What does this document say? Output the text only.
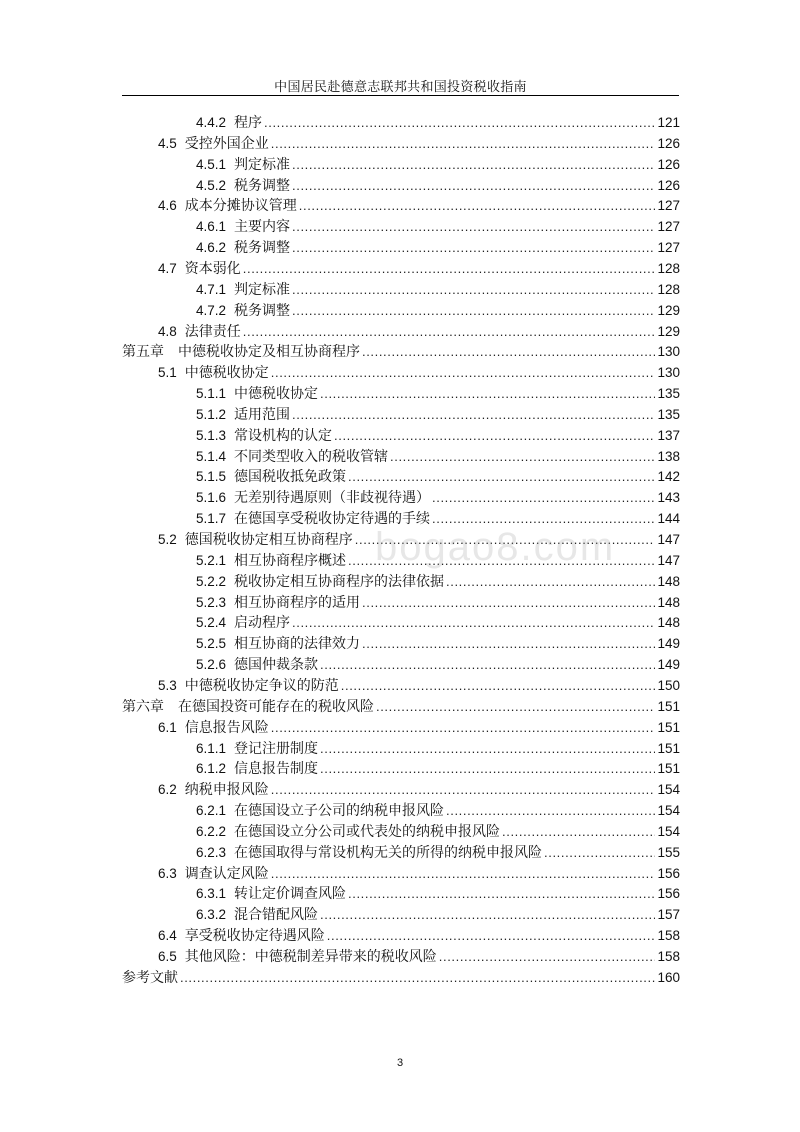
中国居民赴德意志联邦共和国投资税收指南
4.4.2 程序 .....	121
4.5 受控外国企业 .....	126
4.5.1 判定标准 .....	126
4.5.2 税务调整 .....	126
4.6 成本分摊协议管理 .....	127
4.6.1 主要内容 .....	127
4.6.2 税务调整 .....	127
4.7 资本弱化 .....	128
4.7.1 判定标准 .....	128
4.7.2 税务调整 .....	129
4.8 法律责任 .....	129
第五章 中德税收协定及相互协商程序 .....	130
5.1 中德税收协定 .....	130
5.1.1 中德税收协定 .....	135
5.1.2 适用范围 .....	135
5.1.3 常设机构的认定 .....	137
5.1.4 不同类型收入的税收管辖 .....	138
5.1.5 德国税收抵免政策 .....	142
5.1.6 无差别待遇原则（非歧视待遇） .....	143
5.1.7 在德国享受税收协定待遇的手续 .....	144
5.2 德国税收协定相互协商程序 .....	147
5.2.1 相互协商程序概述 .....	147
5.2.2 税收协定相互协商程序的法律依据 .....	148
5.2.3 相互协商程序的适用 .....	148
5.2.4 启动程序 .....	148
5.2.5 相互协商的法律效力 .....	149
5.2.6 德国仲裁条款 .....	149
5.3 中德税收协定争议的防范 .....	150
第六章 在德国投资可能存在的税收风险 .....	151
6.1 信息报告风险 .....	151
6.1.1 登记注册制度 .....	151
6.1.2 信息报告制度 .....	151
6.2 纳税申报风险 .....	154
6.2.1 在德国设立子公司的纳税申报风险 .....	154
6.2.2 在德国设立分公司或代表处的纳税申报风险 .....	154
6.2.3 在德国取得与常设机构无关的所得的纳税申报风险 .....	155
6.3 调查认定风险 .....	156
6.3.1 转让定价调查风险 .....	156
6.3.2 混合错配风险 .....	157
6.4 享受税收协定待遇风险 .....	158
6.5 其他风险：中德税制差异带来的税收风险 .....	158
参考文献 .....	160
bogao8.com
3
